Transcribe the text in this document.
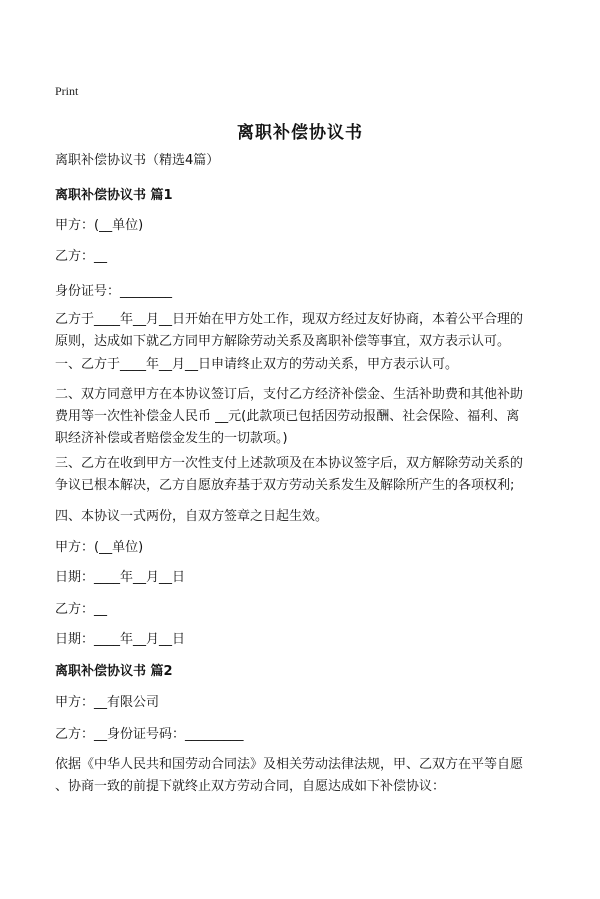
Print
离职补偿协议书
离职补偿协议书（精选4篇）
离职补偿协议书 篇1
甲方：(__单位)
乙方：__
身份证号：________
乙方于____年__月__日开始在甲方处工作，现双方经过友好协商，本着公平合理的
原则，达成如下就乙方同甲方解除劳动关系及离职补偿等事宜，双方表示认可。
一、乙方于____年__月__日申请终止双方的劳动关系，甲方表示认可。
二、双方同意甲方在本协议签订后，支付乙方经济补偿金、生活补助费和其他补助
费用等一次性补偿金人民币 __元(此款项已包括因劳动报酬、社会保险、福利、离
职经济补偿或者赔偿金发生的一切款项。)
三、乙方在收到甲方一次性支付上述款项及在本协议签字后，双方解除劳动关系的
争议已根本解决，乙方自愿放弃基于双方劳动关系发生及解除所产生的各项权利;
四、本协议一式两份，自双方签章之日起生效。
甲方：(__单位)
日期：____年__月__日
乙方：__
日期：____年__月__日
离职补偿协议书 篇2
甲方：__有限公司
乙方：__身份证号码：_________
依据《中华人民共和国劳动合同法》及相关劳动法律法规，甲、乙双方在平等自愿
、协商一致的前提下就终止双方劳动合同，自愿达成如下补偿协议：
